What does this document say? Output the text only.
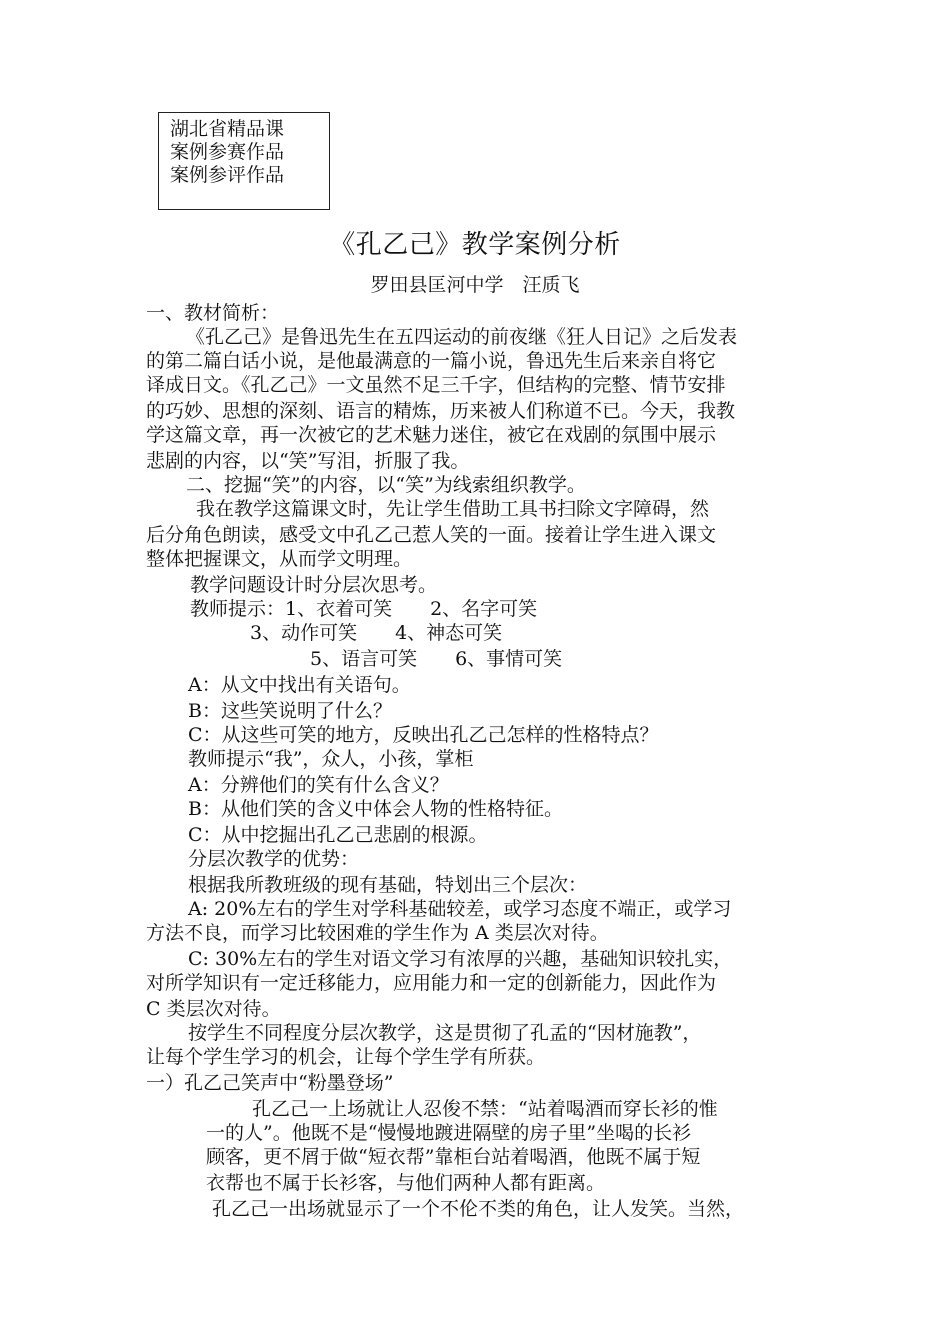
湖北省精品课
案例参赛作品
案例参评作品
《孔乙己》教学案例分析
罗田县匡河中学　汪质飞
一、教材简析：
《孔乙己》是鲁迅先生在五四运动的前夜继《狂人日记》之后发表
的第二篇白话小说，是他最满意的一篇小说，鲁迅先生后来亲自将它
译成日文。《孔乙己》一文虽然不足三千字，但结构的完整、情节安排
的巧妙、思想的深刻、语言的精炼，历来被人们称道不已。今天，我教
学这篇文章，再一次被它的艺术魅力迷住，被它在戏剧的氛围中展示
悲剧的内容，以“笑”写泪，折服了我。
二、挖掘“笑”的内容，以“笑”为线索组织教学。
我在教学这篇课文时，先让学生借助工具书扫除文字障碍，然
后分角色朗读，感受文中孔乙己惹人笑的一面。接着让学生进入课文
整体把握课文，从而学文明理。
教学问题设计时分层次思考。
教师提示：1、衣着可笑　　2、名字可笑
3、动作可笑　　4、神态可笑
5、语言可笑　　6、事情可笑
A：从文中找出有关语句。
B：这些笑说明了什么？
C：从这些可笑的地方，反映出孔乙己怎样的性格特点？
教师提示“我”，众人，小孩，掌柜
A：分辨他们的笑有什么含义？
B：从他们笑的含义中体会人物的性格特征。
C：从中挖掘出孔乙己悲剧的根源。
分层次教学的优势：
根据我所教班级的现有基础，特划出三个层次：
A: 20%左右的学生对学科基础较差，或学习态度不端正，或学习
方法不良，而学习比较困难的学生作为 A 类层次对待。
C: 30%左右的学生对语文学习有浓厚的兴趣，基础知识较扎实，
对所学知识有一定迁移能力，应用能力和一定的创新能力，因此作为
C 类层次对待。
按学生不同程度分层次教学，这是贯彻了孔孟的“因材施教”，
让每个学生学习的机会，让每个学生学有所获。
一）孔乙己笑声中“粉墨登场”
孔乙己一上场就让人忍俊不禁：“站着喝酒而穿长衫的惟
一的人”。他既不是“慢慢地踱进隔壁的房子里”坐喝的长衫
顾客，更不屑于做“短衣帮”靠柜台站着喝酒，他既不属于短
衣帮也不属于长衫客，与他们两种人都有距离。
孔乙己一出场就显示了一个不伦不类的角色，让人发笑。当然，
